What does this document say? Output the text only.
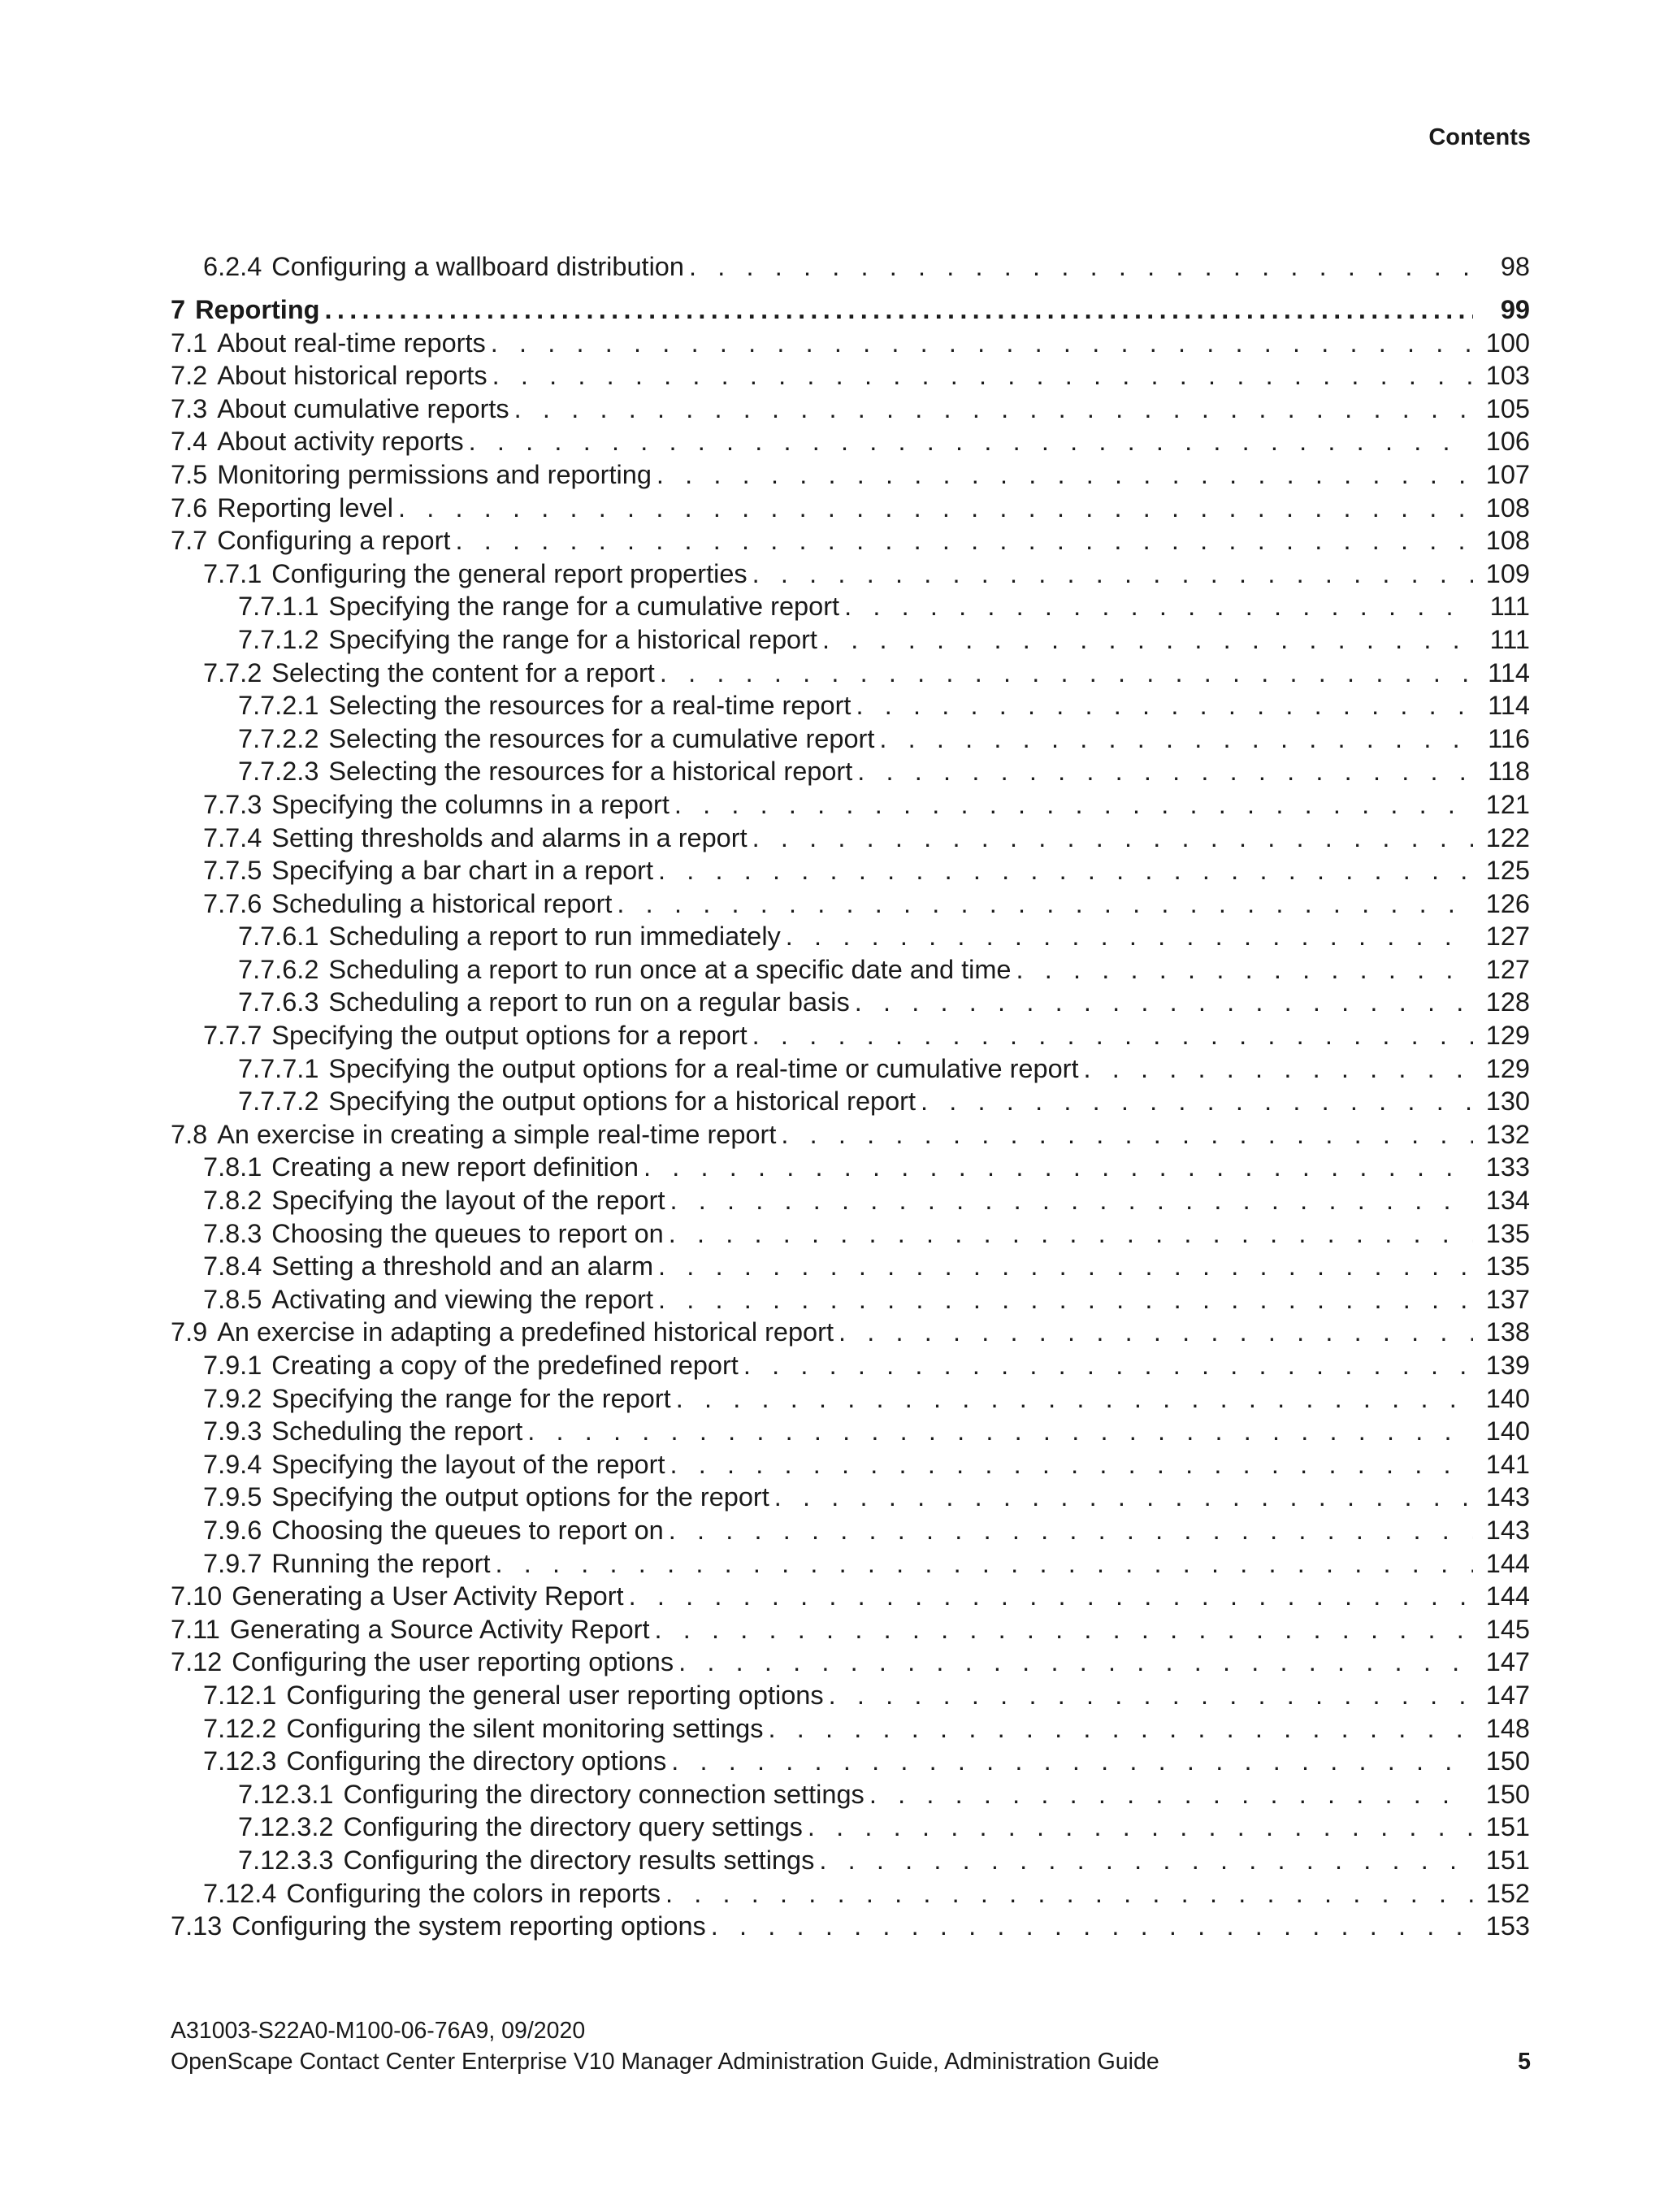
Contents
6.2.4 Configuring a wallboard distribution . . .	98
7 Reporting .....	99
7.1 About real-time reports . . .	100
7.2 About historical reports . . .	103
7.3 About cumulative reports . . .	105
7.4 About activity reports . . .	106
7.5 Monitoring permissions and reporting . . .	107
7.6 Reporting level . . .	108
7.7 Configuring a report . . .	108
7.7.1 Configuring the general report properties . . .	109
7.7.1.1 Specifying the range for a cumulative report . . .	111
7.7.1.2 Specifying the range for a historical report . . .	111
7.7.2 Selecting the content for a report . . .	114
7.7.2.1 Selecting the resources for a real-time report . . .	114
7.7.2.2 Selecting the resources for a cumulative report . . .	116
7.7.2.3 Selecting the resources for a historical report . . .	118
7.7.3 Specifying the columns in a report . . .	121
7.7.4 Setting thresholds and alarms in a report . . .	122
7.7.5 Specifying a bar chart in a report . . .	125
7.7.6 Scheduling a historical report . . .	126
7.7.6.1 Scheduling a report to run immediately . . .	127
7.7.6.2 Scheduling a report to run once at a specific date and time . . .	127
7.7.6.3 Scheduling a report to run on a regular basis . . .	128
7.7.7 Specifying the output options for a report . . .	129
7.7.7.1 Specifying the output options for a real-time or cumulative report . . .	129
7.7.7.2 Specifying the output options for a historical report . . .	130
7.8 An exercise in creating a simple real-time report . . .	132
7.8.1 Creating a new report definition . . .	133
7.8.2 Specifying the layout of the report . . .	134
7.8.3 Choosing the queues to report on . . .	135
7.8.4 Setting a threshold and an alarm . . .	135
7.8.5 Activating and viewing the report . . .	137
7.9 An exercise in adapting a predefined historical report . . .	138
7.9.1 Creating a copy of the predefined report . . .	139
7.9.2 Specifying the range for the report . . .	140
7.9.3 Scheduling the report . . .	140
7.9.4 Specifying the layout of the report . . .	141
7.9.5 Specifying the output options for the report . . .	143
7.9.6 Choosing the queues to report on . . .	143
7.9.7 Running the report . . .	144
7.10 Generating a User Activity Report . . .	144
7.11 Generating a Source Activity Report . . .	145
7.12 Configuring the user reporting options . . .	147
7.12.1 Configuring the general user reporting options . . .	147
7.12.2 Configuring the silent monitoring settings . . .	148
7.12.3 Configuring the directory options . . .	150
7.12.3.1 Configuring the directory connection settings . . .	150
7.12.3.2 Configuring the directory query settings . . .	151
7.12.3.3 Configuring the directory results settings . . .	151
7.12.4 Configuring the colors in reports . . .	152
7.13 Configuring the system reporting options . . .	153
A31003-S22A0-M100-06-76A9, 09/2020
OpenScape Contact Center Enterprise V10 Manager Administration Guide, Administration Guide	5
